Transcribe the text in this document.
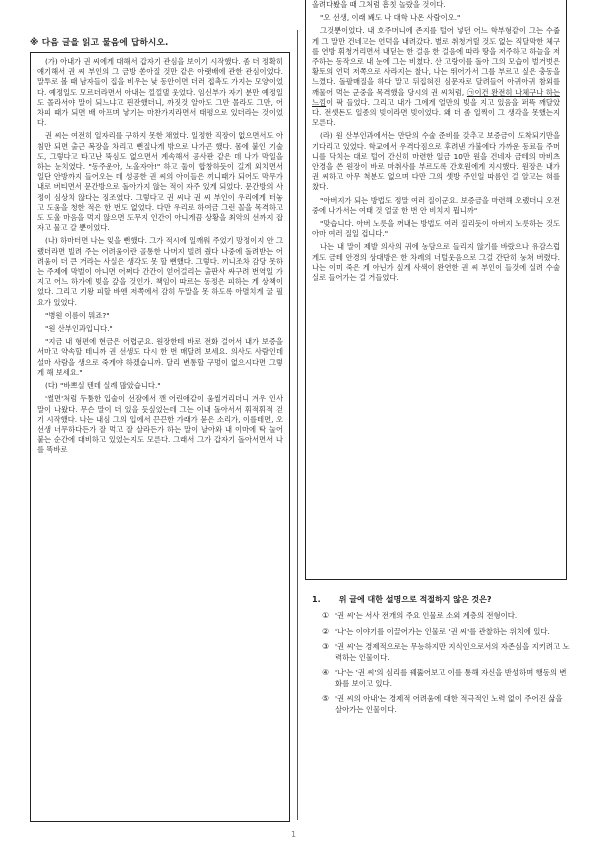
※ 다음 글을 읽고 물음에 답하시오.

(가) 아내가 권 씨에게 대해서 갑자기 관심을 보이기 시작했다. 좀 더 정확히 얘기해서 권 씨 부인의 그 금방 쏟아질 것만 같은 아랫배에 관한 관심이었다. 말투로 볼 때 남자들이 집을 비우는 낮 동안이면 더러 접촉도 가지는 모양이었다. 예정일도 모르더라면서 아내는 낄낄댈 웃었다. 임신부가 자기 분만 예정일도 몰라서야 말이 되느냐고 핀잔했더니, 까짓것 알아도 그만 몰라도 그만, 어차피 때가 되면 배 아프며 낳기는 마찬가지라면서 태평으로 있더라는 것이었다.

권 씨는 여전히 일자리를 구하지 못한 채였다. 일정한 직장이 없으면서도 아침만 되면 출근 복장을 차리고 뻔질나게 밖으로 나가곤 했다. 몸에 붙인 기술도, 그렇다고 타고난 뚝심도 없으면서 계속해서 공사판 같은 데 나가 막일을 하는 눈치였다. "동주운아, 노올자아!" 하고 둘이 합창하듯이 길게 외치면서 일단 안방까지 들어오는 데 성공한 권 씨의 아이들은 끼니때가 되어도 막무가내로 버티면서 문간방으로 돌아가지 않는 적이 자주 있게 되었다. 문간방의 사정이 심상치 않다는 징조였다. 그렇다고 권 씨나 권 씨 부인이 우리에게 터놓고 도움을 청한 적은 한 번도 없었다. 다만 우리로 하여금 그런 꼴을 목격하고도 도울 마음을 먹지 않으면 도무지 인간이 아니게끔 상황을 최악의 선까지 잡자고 물고 갈 뿐이었다.

(나) 하마터면 나는 잊을 뻔했다. 그가 적시에 일깨워 주었기 망정이지 안 그랬더라면 빌려 주는 어려움이란 골통한 나머지 빌려 줬다 나중에 돌려받는 어려움이 더 큰 거라는 사실은 생각도 못 할 뻔했다. 그렇다. 끼니조차 감당 못하는 주제에 막벌이 아니면 어쩌다 간간이 얻어걸리는 출판사 싸구려 번역일 가지고 어느 하가에 빚을 갚을 것인가. 책임이 따르는 동정은 피하는 게 상책이었다. 그리고 기왕 피할 바엔 저쪽에서 감히 두말을 못 하도록 아멸치게 굴 필요가 있었다.

"병원 이름이 뭐죠?"

"원 산부인과입니다."

"지금 내 형편에 현금은 어렵군요. 원장한테 바로 전화 걸어서 내가 보증을 서마고 약속할 테니까 권 선생도 다시 한 번 매달려 보세요. 의사도 사람인데 설마 사람을 생으로 죽게야 하겠습니까. 달리 변통할 구멍이 없으시다면 그렇게 해 보세요."

(다) "바쁘실 텐데 실례 많았습니다."

'썰면'처럼 두툼한 입술이 선잠에서 깬 어린애같이 움씰거리더니 겨우 인사말이 나왔다. 무슨 말이 더 있을 듯싶었는데 그는 이내 돌아서서 휘적휘적 걷기 시작했다. 나는 내심 그의 입에서 끈끈한 가래가 묻은 소리가, 이를테면, 오 선생 너무하다든가 잘 먹고 잘 살라든가 하는 말이 날아와 내 이마에 탁 눌어붙는 순간에 대비하고 있었는지도 모른다. 그래서 그가 갑자기 돌아서면서 나를 똑바로

올려다봤을 때 그처럼 흠칫 놀랐을 것이다.

"오 선생, 이래 봬도 나 대학 나온 사람이오."

그것뿐이었다. 내 호주머니에 존지를 털어 넣던 어느 학부형같이 그는 수줍게 그 말만 건네고는 언덕을 내려갔다. 별로 취청거릴 것도 없는 직달막한 체구를 연방 휘청거리면서 내딛는 한 걸음 한 걸음에 따라 땅을 저주하고 하늘을 저주하는 동작으로 내 눈에 그는 비쳤다. 산 고랑이를 돌아 그의 모습이 벌거벗은 황토의 언덕 저쪽으로 사라지는 찰나, 나는 뛰어가서 그를 부르고 싶은 충동을 느꼈다. 돌팔매질을 하다 말고 뒤집혀진 심문자로 달려들어 아귀아귀 참외를 깨물어 먹는 군중을 목격했을 당시의 권 씨처럼, ㉠이건 완전히 나체구나 하는 느낌이 팍 들었다. 그리고 내가 그에게 얼만의 빚을 지고 있음을 퍼뜩 깨달았다. 전셋돈도 일종의 빚이라면 빚이었다. 왜 더 좀 일찍이 그 생각을 못했는지 모른다.

(라) 원 산부인과에서는 만단의 수술 준비를 갖추고 보증금이 도착되기만을 기다리고 있었다. 학교에서 우격다짐으로 후려낸 가불에다 가까운 동료들 주머니를 닥치는 대로 털어 간신히 마련한 일금 10만 원을 건네자 금테의 마비츠 안경을 쓴 원장이 바로 마취사를 부르도록 간호원에게 지시했다. 원장은 내가 권 씨하고 아무 척분도 없으며 다만 그의 셋방 주인일 따름인 걸 알고는 혀를 찼다.

"아버지가 되는 방법도 정말 여러 질이군요. 보증금을 마련해 오랬더니 오전 중에 나가서는 여태 것 얼굴 한 번 안 비치지 뭡니까"

"맞습니다. 아버 노릇을 꺼내는 방법도 여러 질리듯이 아버지 노릇하는 것도 아마 여러 질일 겁니다."

나는 내 말이 제발 의사의 귀에 농담으로 들리지 않기를 바랐으나 유감스럽게도 금테 안경의 상대방은 한 차례의 너털웃음으로 그걸 간단히 눙쳐 버렸다. 나는 이미 죽은 게 아닌가 싶게 사색이 완연한 권 씨 부인이 들것에 실려 수술실로 들어가는 걸 거들었다.

1. 위 글에 대한 설명으로 적절하지 않은 것은?
① '권 씨'는 서사 전개의 주요 인물로 소외 계층의 전형이다.
② '나'는 이야기를 이끌어가는 인물로 '권 씨'를 관찰하는 위치에 있다.
③ '권 씨'는 경제적으로는 무능하지만 지식인으로서의 자존심을 지키려고 노력하는 인물이다.
④ '나'는 '권 씨'의 심리를 꿰뚫어보고 이를 통해 자신을 반성하며 행동의 변화를 보이고 있다.
⑤ '권 씨의 아내'는 경제적 어려움에 대한 적극적인 노력 없이 주어진 삶을 살아가는 인물이다.
1
